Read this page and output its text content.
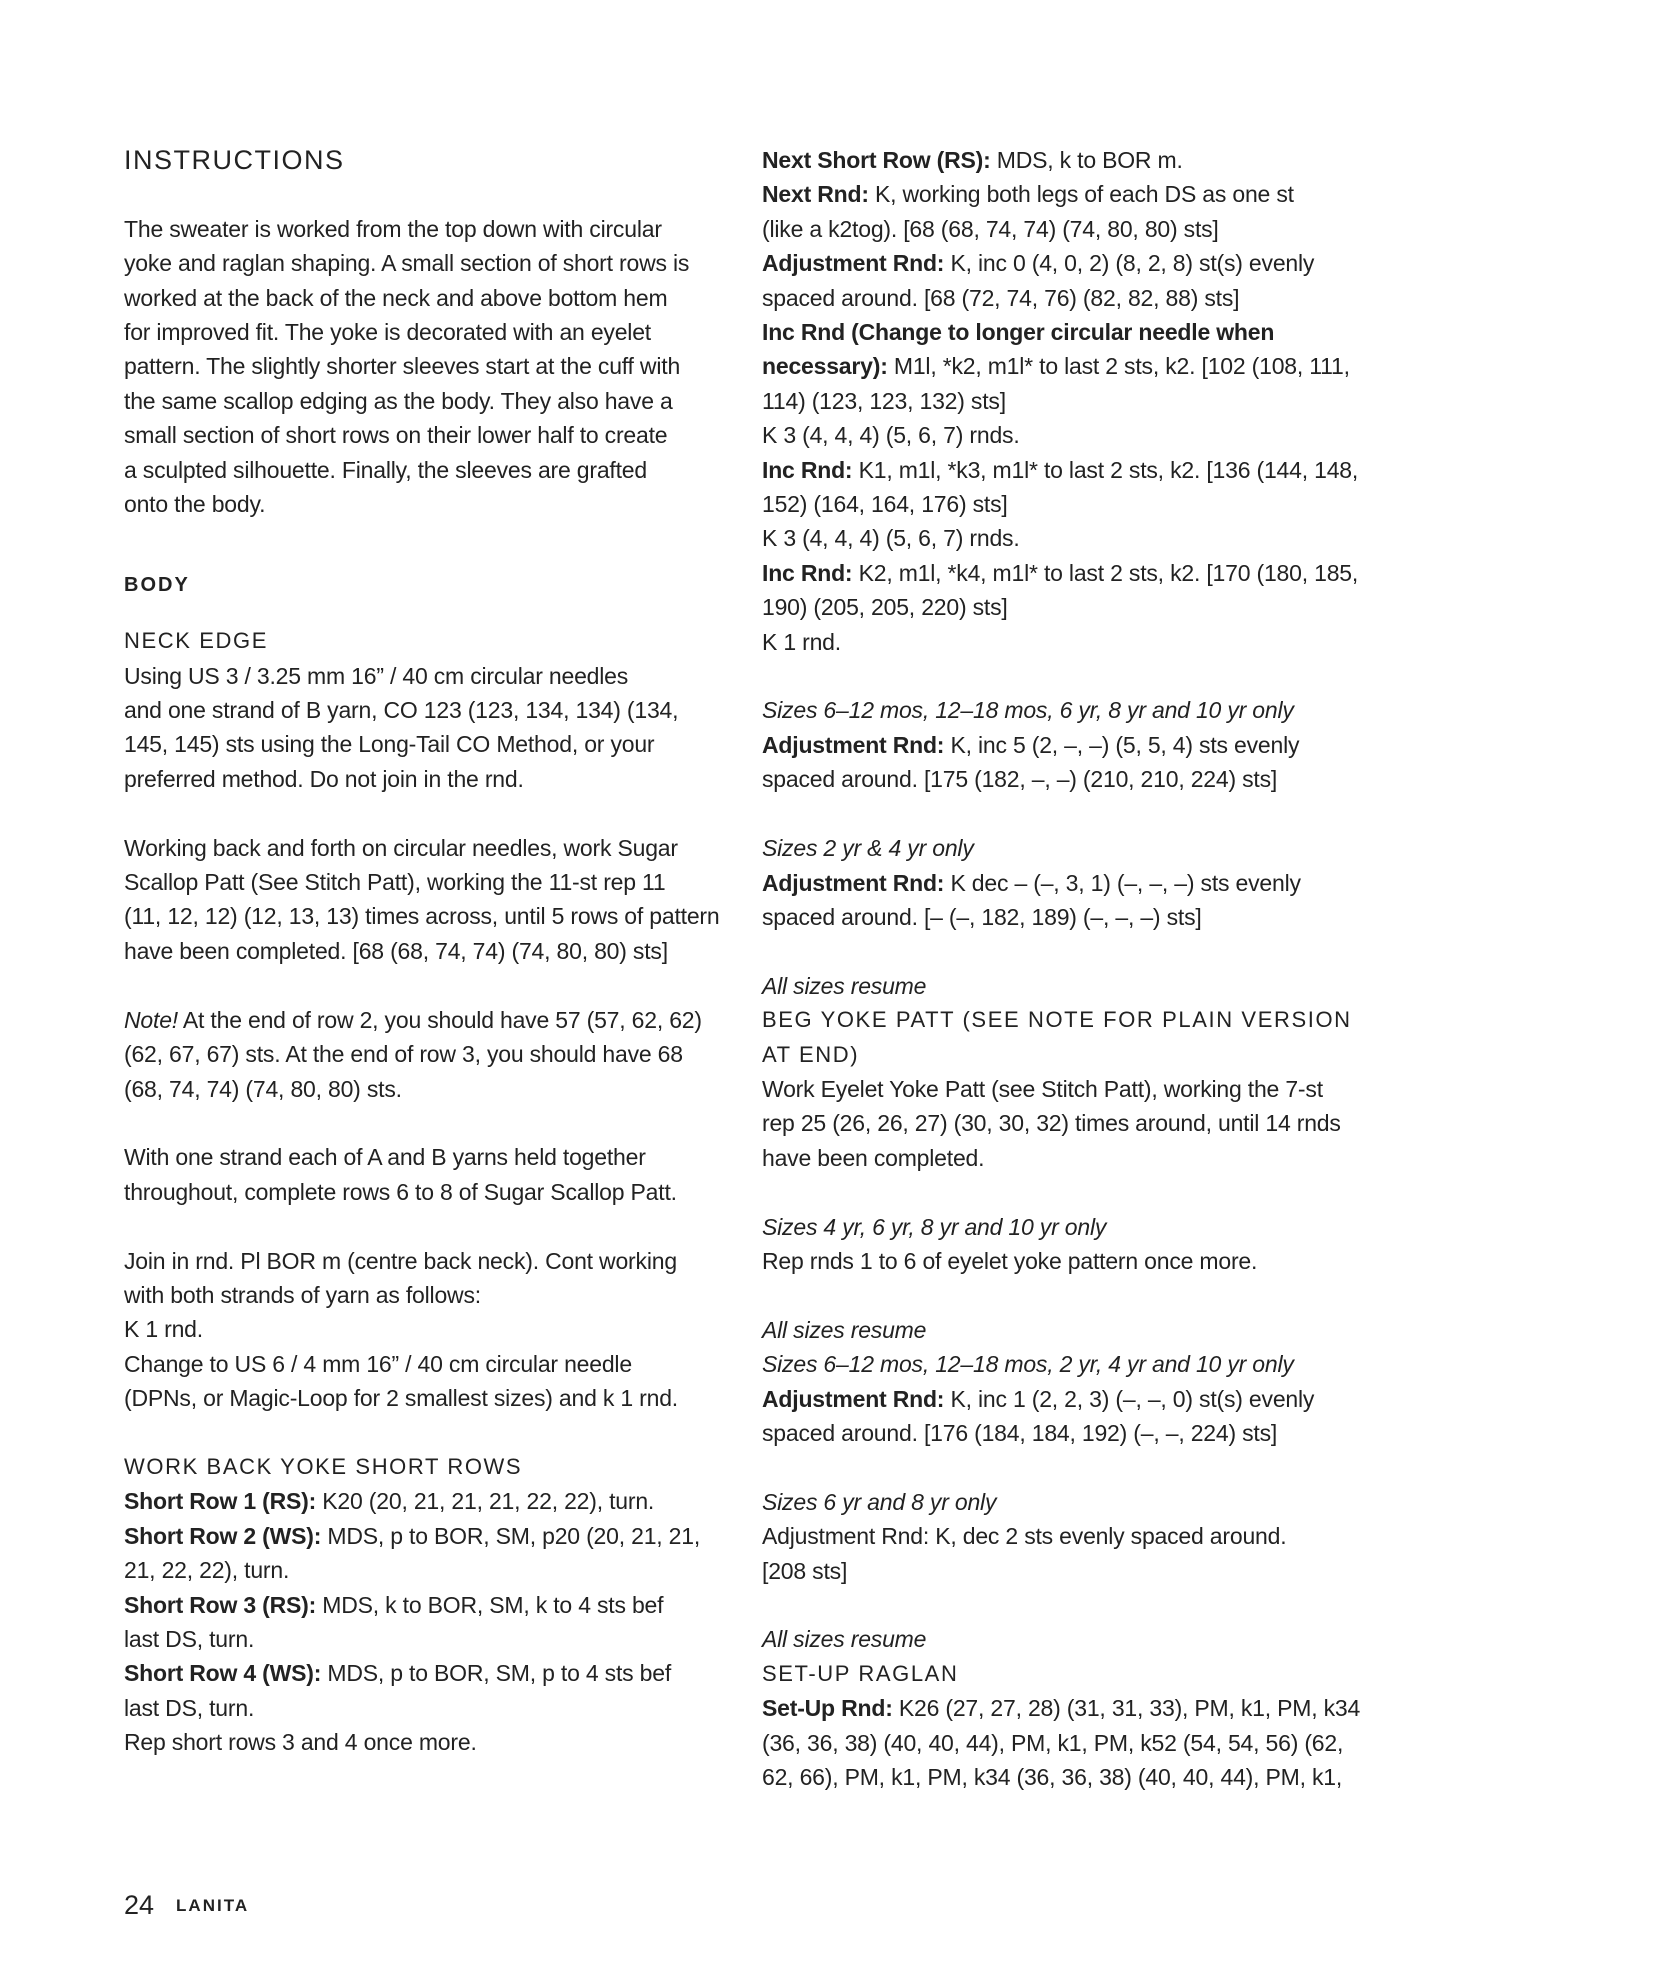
INSTRUCTIONS
The sweater is worked from the top down with circular
yoke and raglan shaping. A small section of short rows is
worked at the back of the neck and above bottom hem
for improved fit. The yoke is decorated with an eyelet
pattern. The slightly shorter sleeves start at the cuff with
the same scallop edging as the body. They also have a
small section of short rows on their lower half to create
a sculpted silhouette. Finally, the sleeves are grafted
onto the body.
BODY
NECK EDGE
Using US 3 / 3.25 mm 16” / 40 cm circular needles
and one strand of B yarn, CO 123 (123, 134, 134) (134,
145, 145) sts using the Long-Tail CO Method, or your
preferred method. Do not join in the rnd.
Working back and forth on circular needles, work Sugar
Scallop Patt (See Stitch Patt), working the 11-st rep 11
(11, 12, 12) (12, 13, 13) times across, until 5 rows of pattern
have been completed. [68 (68, 74, 74) (74, 80, 80) sts]
Note! At the end of row 2, you should have 57 (57, 62, 62)
(62, 67, 67) sts. At the end of row 3, you should have 68
(68, 74, 74) (74, 80, 80) sts.
With one strand each of A and B yarns held together
throughout, complete rows 6 to 8 of Sugar Scallop Patt.
Join in rnd. Pl BOR m (centre back neck). Cont working
with both strands of yarn as follows:
K 1 rnd.
Change to US 6 / 4 mm 16” / 40 cm circular needle
(DPNs, or Magic-Loop for 2 smallest sizes) and k 1 rnd.
WORK BACK YOKE SHORT ROWS
Short Row 1 (RS): K20 (20, 21, 21, 21, 22, 22), turn.
Short Row 2 (WS): MDS, p to BOR, SM, p20 (20, 21, 21,
21, 22, 22), turn.
Short Row 3 (RS): MDS, k to BOR, SM, k to 4 sts bef
last DS, turn.
Short Row 4 (WS): MDS, p to BOR, SM, p to 4 sts bef
last DS, turn.
Rep short rows 3 and 4 once more.
Next Short Row (RS): MDS, k to BOR m.
Next Rnd: K, working both legs of each DS as one st
(like a k2tog). [68 (68, 74, 74) (74, 80, 80) sts]
Adjustment Rnd: K, inc 0 (4, 0, 2) (8, 2, 8) st(s) evenly
spaced around. [68 (72, 74, 76) (82, 82, 88) sts]
Inc Rnd (Change to longer circular needle when
necessary): M1l, *k2, m1l* to last 2 sts, k2. [102 (108, 111,
114) (123, 123, 132) sts]
K 3 (4, 4, 4) (5, 6, 7) rnds.
Inc Rnd: K1, m1l, *k3, m1l* to last 2 sts, k2. [136 (144, 148,
152) (164, 164, 176) sts]
K 3 (4, 4, 4) (5, 6, 7) rnds.
Inc Rnd: K2, m1l, *k4, m1l* to last 2 sts, k2. [170 (180, 185,
190) (205, 205, 220) sts]
K 1 rnd.
Sizes 6–12 mos, 12–18 mos, 6 yr, 8 yr and 10 yr only
Adjustment Rnd: K, inc 5 (2, –, –) (5, 5, 4) sts evenly
spaced around. [175 (182, –, –) (210, 210, 224) sts]
Sizes 2 yr & 4 yr only
Adjustment Rnd: K dec – (–, 3, 1) (–, –, –) sts evenly
spaced around. [– (–, 182, 189) (–, –, –) sts]
All sizes resume
BEG YOKE PATT (SEE NOTE FOR PLAIN VERSION
AT END)
Work Eyelet Yoke Patt (see Stitch Patt), working the 7-st
rep 25 (26, 26, 27) (30, 30, 32) times around, until 14 rnds
have been completed.
Sizes 4 yr, 6 yr, 8 yr and 10 yr only
Rep rnds 1 to 6 of eyelet yoke pattern once more.
All sizes resume
Sizes 6–12 mos, 12–18 mos, 2 yr, 4 yr and 10 yr only
Adjustment Rnd: K, inc 1 (2, 2, 3) (–, –, 0) st(s) evenly
spaced around. [176 (184, 184, 192) (–, –, 224) sts]
Sizes 6 yr and 8 yr only
Adjustment Rnd: K, dec 2 sts evenly spaced around.
[208 sts]
All sizes resume
SET-UP RAGLAN
Set-Up Rnd: K26 (27, 27, 28) (31, 31, 33), PM, k1, PM, k34
(36, 36, 38) (40, 40, 44), PM, k1, PM, k52 (54, 54, 56) (62,
62, 66), PM, k1, PM, k34 (36, 36, 38) (40, 40, 44), PM, k1,
24 LANITA
